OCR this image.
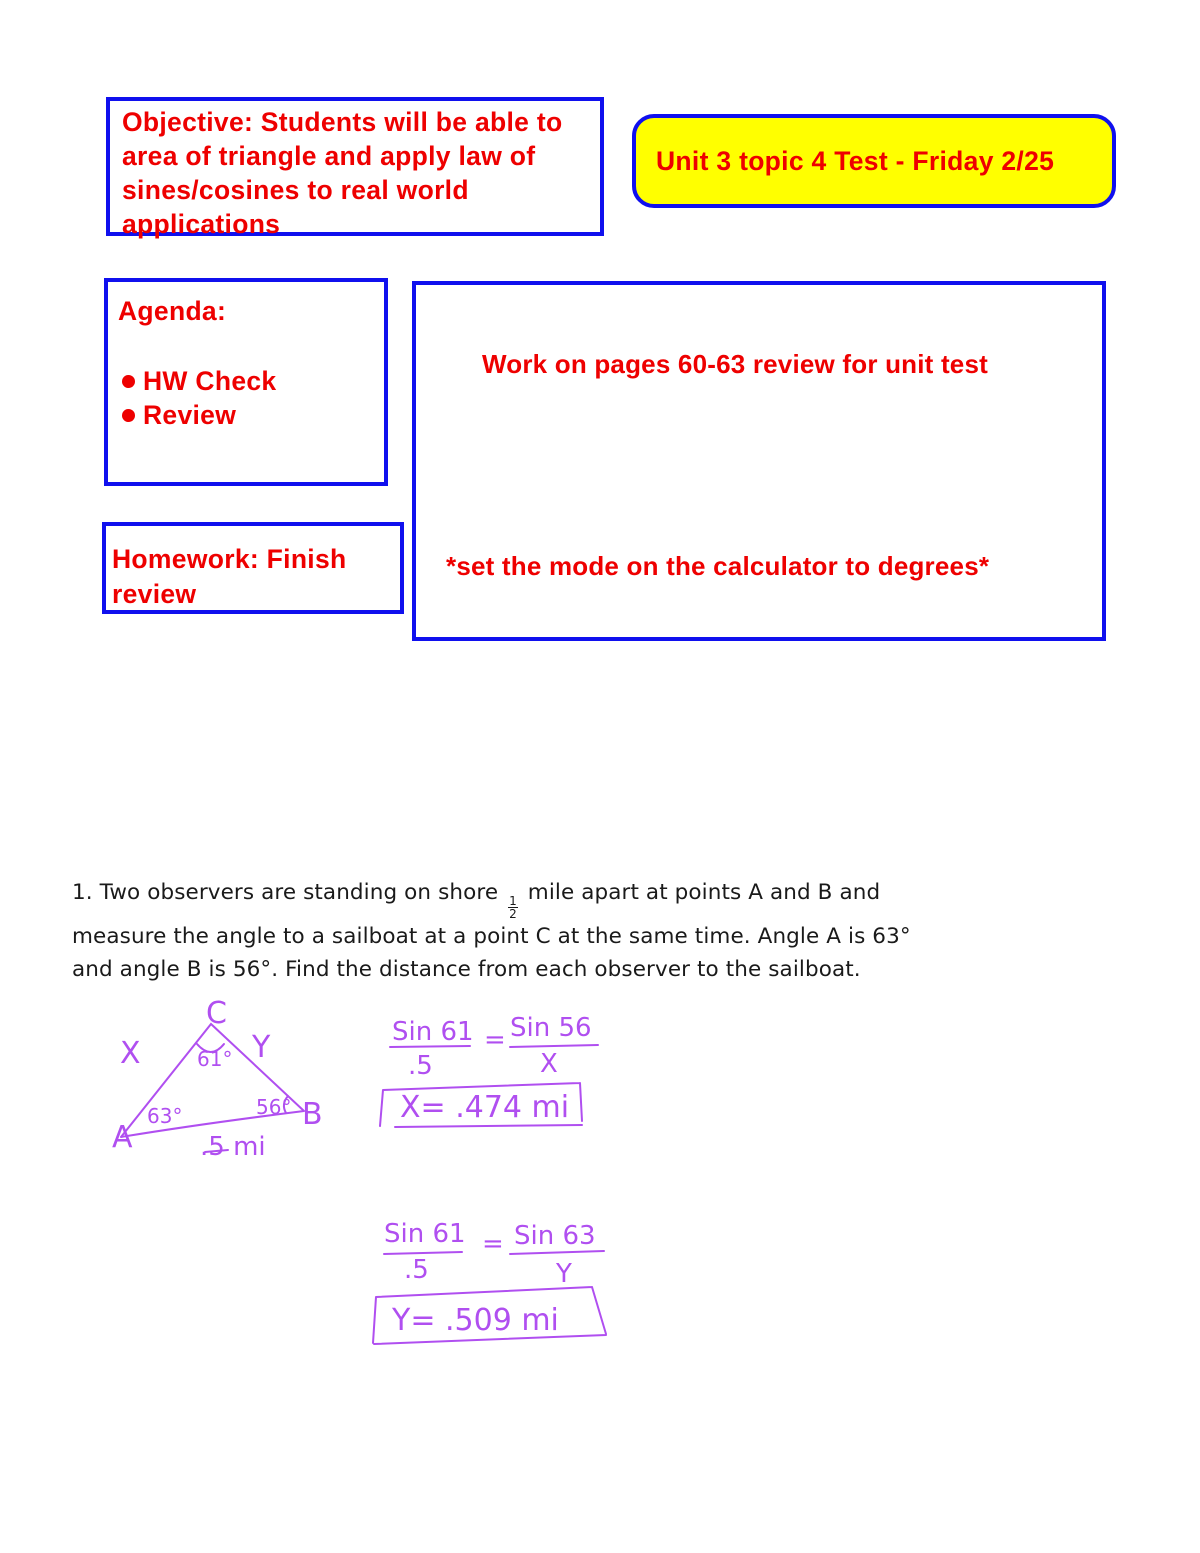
Objective: Students will be able to
area of triangle and apply law of
sines/cosines to real world
applications
Unit 3 topic 4 Test - Friday 2/25
Agenda:
HW Check
Review
Homework: Finish
review
Work on pages 60-63 review for unit test
*set the mode on the calculator to degrees*
1. Two observers are standing on shore
$\frac{1}{2}$
mile apart at points A and B and
measure the angle to a sailboat at a point C at the same time. Angle A is 63°
and angle B is 56°. Find the distance from each observer to the sailboat.
C
A
B
X	Y
61°
63°	56°
.5 mi
Sin 61
.5
= Sin 56
X
X= .474 mi
Sin 61
.5
= Sin 63
Y
Y= .509 mi
